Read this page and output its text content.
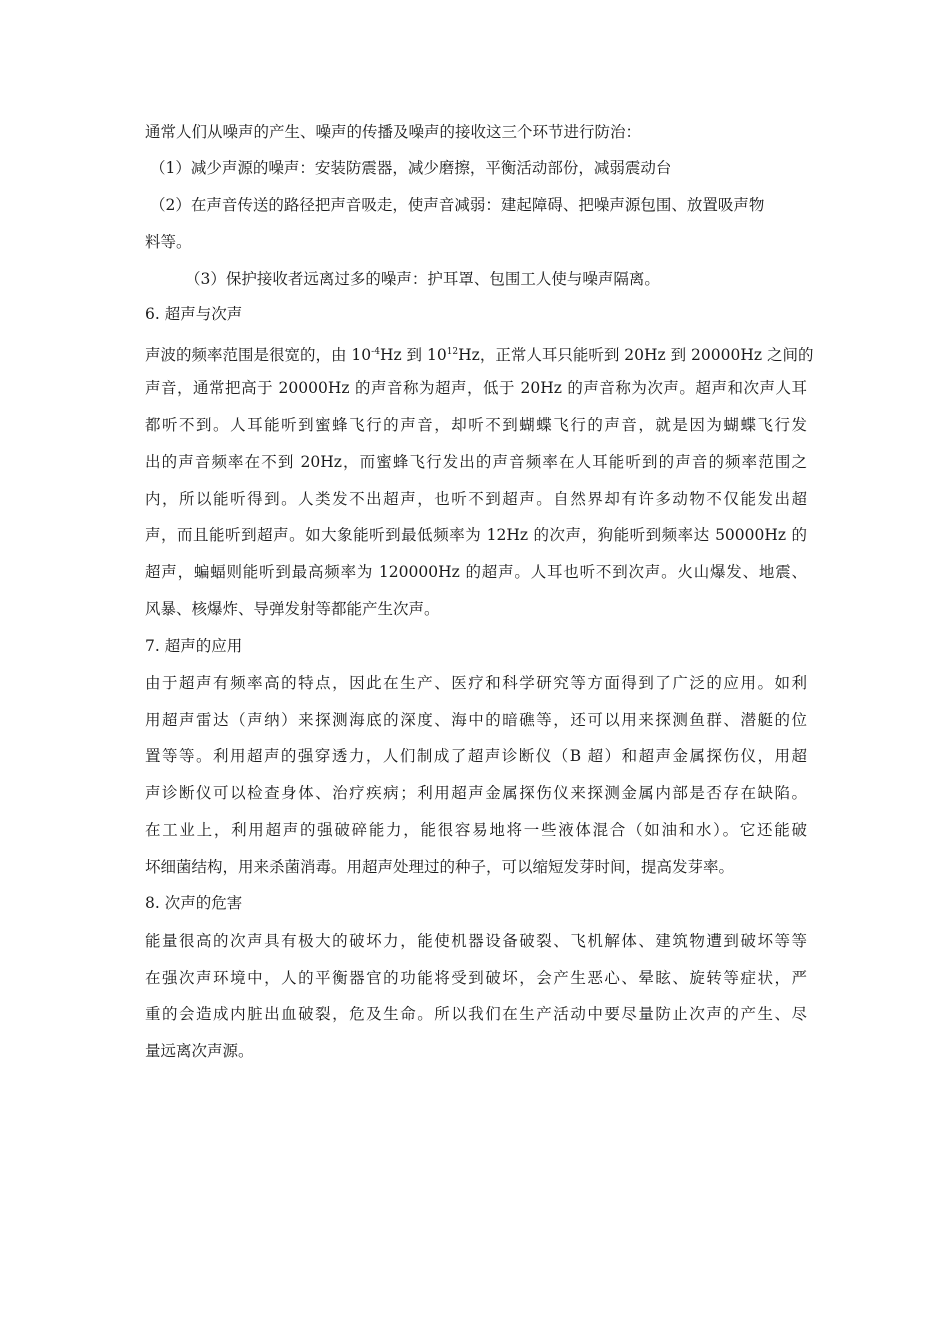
通常人们从噪声的产生、噪声的传播及噪声的接收这三个环节进行防治：
（1）减少声源的噪声：安装防震器，减少磨擦，平衡活动部份，减弱震动台
（2）在声音传送的路径把声音吸走，使声音减弱：建起障碍、把噪声源包围、放置吸声物
料等。
（3）保护接收者远离过多的噪声：护耳罩、包围工人使与噪声隔离。
6. 超声与次声
声波的频率范围是很宽的，由 $10^{-4}Hz$ 到 $10^{12}Hz$，正常人耳只能听到 20Hz 到 20000Hz 之间的
声音，通常把高于 20000Hz 的声音称为超声，低于 20Hz 的声音称为次声。超声和次声人耳
都听不到。人耳能听到蜜蜂飞行的声音，却听不到蝴蝶飞行的声音，就是因为蝴蝶飞行发
出的声音频率在不到 20Hz，而蜜蜂飞行发出的声音频率在人耳能听到的声音的频率范围之
内，所以能听得到。人类发不出超声，也听不到超声。自然界却有许多动物不仅能发出超
声，而且能听到超声。如大象能听到最低频率为 12Hz 的次声，狗能听到频率达 50000Hz 的
超声，蝙蝠则能听到最高频率为 120000Hz 的超声。人耳也听不到次声。火山爆发、地震、
风暴、核爆炸、导弹发射等都能产生次声。
7. 超声的应用
由于超声有频率高的特点，因此在生产、医疗和科学研究等方面得到了广泛的应用。如利
用超声雷达（声纳）来探测海底的深度、海中的暗礁等，还可以用来探测鱼群、潜艇的位
置等等。利用超声的强穿透力，人们制成了超声诊断仪（B 超）和超声金属探伤仪，用超
声诊断仪可以检查身体、治疗疾病；利用超声金属探伤仪来探测金属内部是否存在缺陷。
在工业上，利用超声的强破碎能力，能很容易地将一些液体混合（如油和水）。它还能破
坏细菌结构，用来杀菌消毒。用超声处理过的种子，可以缩短发芽时间，提高发芽率。
8. 次声的危害
能量很高的次声具有极大的破坏力，能使机器设备破裂、飞机解体、建筑物遭到破坏等等
在强次声环境中，人的平衡器官的功能将受到破坏，会产生恶心、晕眩、旋转等症状，严
重的会造成内脏出血破裂，危及生命。所以我们在生产活动中要尽量防止次声的产生、尽
量远离次声源。
